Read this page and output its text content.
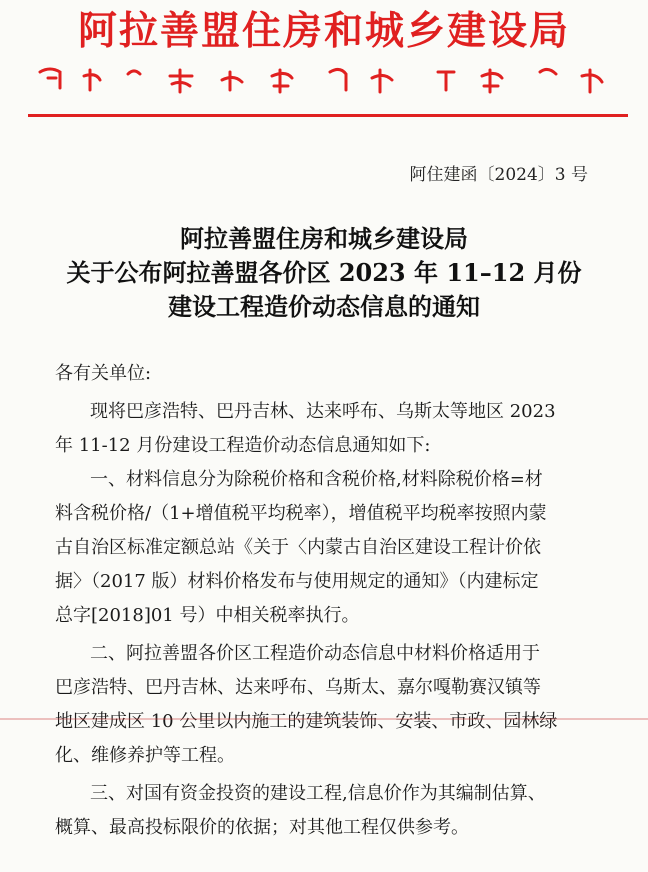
阿拉善盟住房和城乡建设局
阿住建函〔2024〕3 号
阿拉善盟住房和城乡建设局
关于公布阿拉善盟各价区 2023 年 11–12 月份
建设工程造价动态信息的通知
各有关单位:
现将巴彦浩特、巴丹吉林、达来呼布、乌斯太等地区 2023
年 11-12 月份建设工程造价动态信息通知如下:
一、材料信息分为除税价格和含税价格,材料除税价格=材
料含税价格/（1+增值税平均税率），增值税平均税率按照内蒙
古自治区标准定额总站《关于〈内蒙古自治区建设工程计价依
据〉（2017 版）材料价格发布与使用规定的通知》（内建标定
总字[2018]01 号）中相关税率执行。
二、阿拉善盟各价区工程造价动态信息中材料价格适用于
巴彦浩特、巴丹吉林、达来呼布、乌斯太、嘉尔嘎勒赛汉镇等
地区建成区 10 公里以内施工的建筑装饰、安装、市政、园林绿
化、维修养护等工程。
三、对国有资金投资的建设工程,信息价作为其编制估算、
概算、最高投标限价的依据；对其他工程仅供参考。
